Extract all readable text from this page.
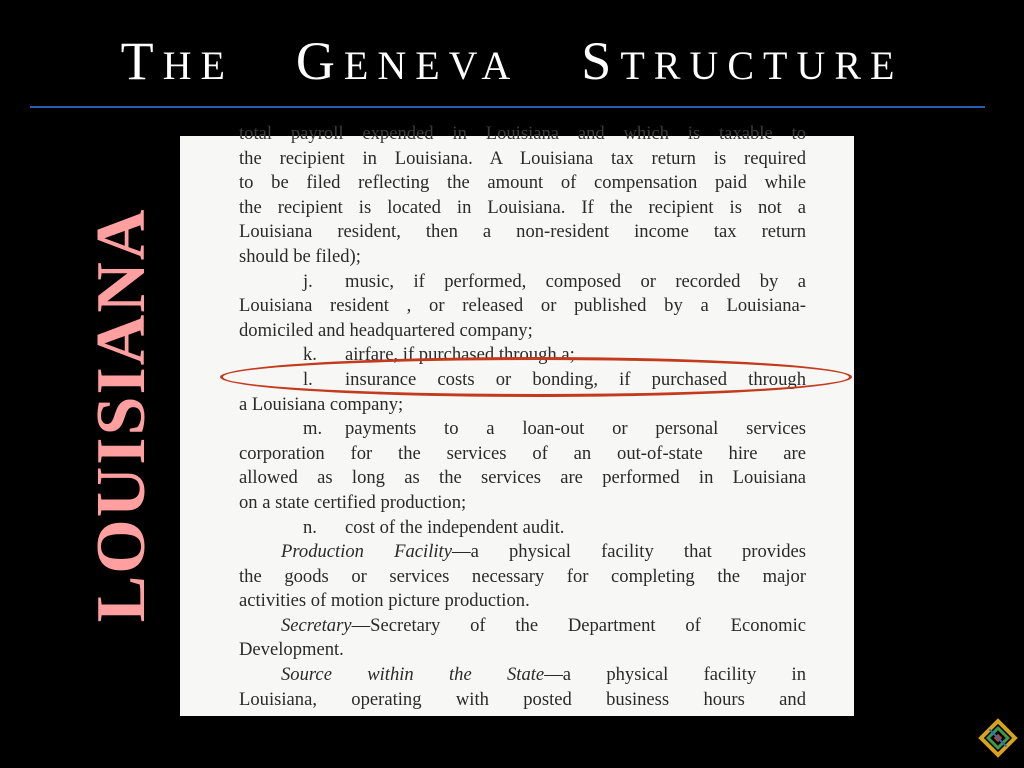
THE GENEVA STRUCTURE
LOUISIANA
total payroll expended in Louisiana and which is taxable to
the recipient in Louisiana. A Louisiana tax return is required
to be filed reflecting the amount of compensation paid while
the recipient is located in Louisiana. If the recipient is not a
Louisiana resident, then a non-resident income tax return
should be filed);
j. music, if performed, composed or recorded by a
Louisiana resident , or released or published by a Louisiana-
domiciled and headquartered company;
k. airfare, if purchased through a;
l. insurance costs or bonding, if purchased through
a Louisiana company;
m. payments to a loan-out or personal services
corporation for the services of an out-of-state hire are
allowed as long as the services are performed in Louisiana
on a state certified production;
n. cost of the independent audit.
Production Facility—a physical facility that provides
the goods or services necessary for completing the major
activities of motion picture production.
Secretary—Secretary of the Department of Economic
Development.
Source within the State—a physical facility in
Louisiana, operating with posted business hours and
